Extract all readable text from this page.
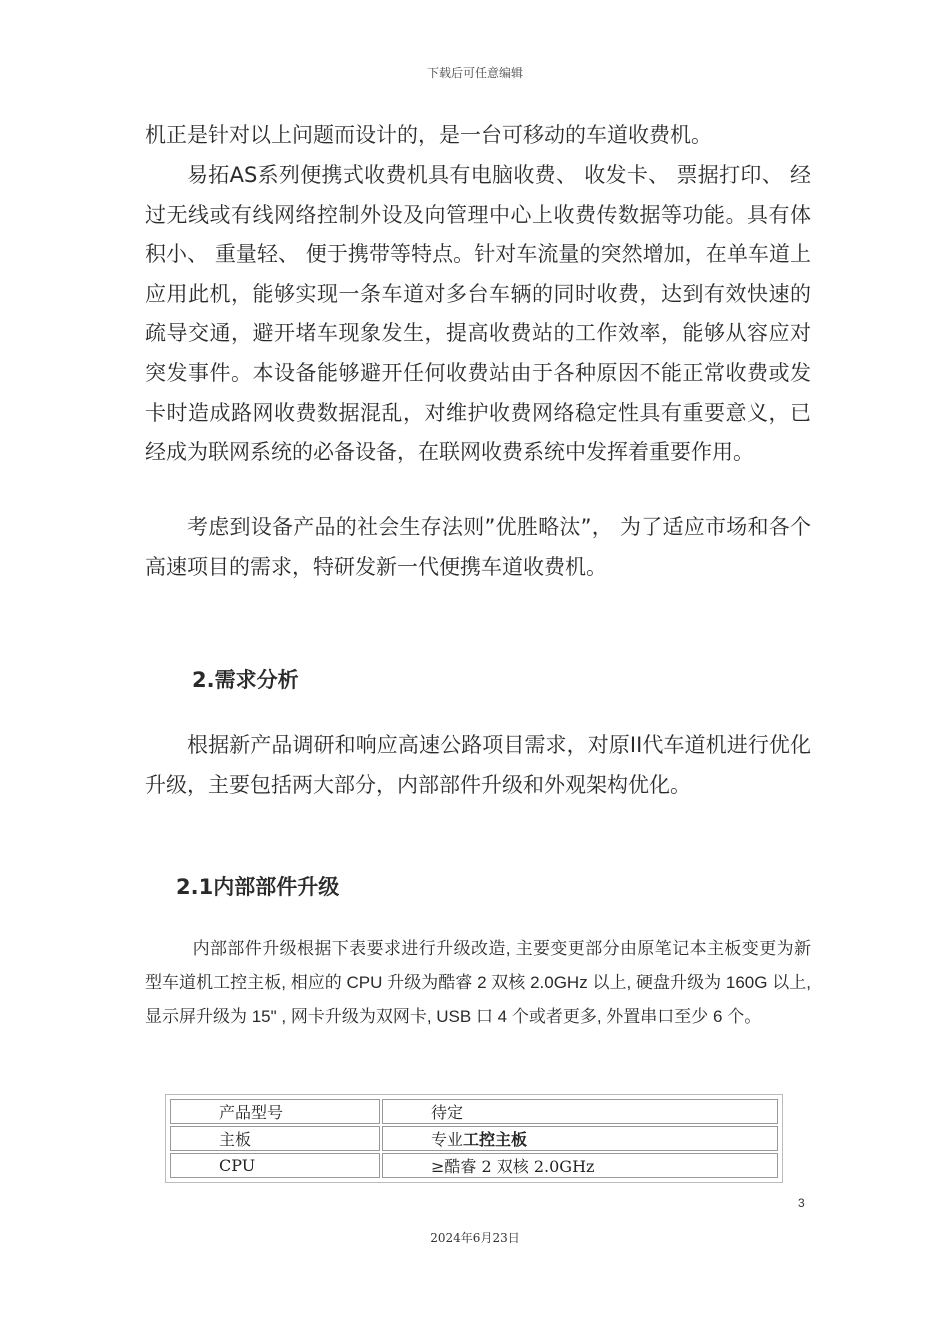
下载后可任意编辑

机正是针对以上问题而设计的，是一台可移动的车道收费机。

易拓AS系列便携式收费机具有电脑收费、 收发卡、 票据打印、 经过无线或有线网络控制外设及向管理中心上收费传数据等功能。具有体积小、 重量轻、 便于携带等特点。针对车流量的突然增加，在单车道上应用此机，能够实现一条车道对多台车辆的同时收费，达到有效快速的疏导交通，避开堵车现象发生，提高收费站的工作效率，能够从容应对突发事件。本设备能够避开任何收费站由于各种原因不能正常收费或发卡时造成路网收费数据混乱，对维护收费网络稳定性具有重要意义，已经成为联网系统的必备设备，在联网收费系统中发挥着重要作用。

考虑到设备产品的社会生存法则”优胜略汰”， 为了适应市场和各个高速项目的需求，特研发新一代便携车道收费机。

2.需求分析

根据新产品调研和响应高速公路项目需求，对原II代车道机进行优化升级，主要包括两大部分，内部部件升级和外观架构优化。

2.1内部部件升级

内部部件升级根据下表要求进行升级改造, 主要变更部分由原笔记本主板变更为新型车道机工控主板, 相应的 CPU 升级为酷睿 2 双核 2.0GHz 以上, 硬盘升级为 160G 以上, 显示屏升级为 15" , 网卡升级为双网卡, USB 口 4 个或者更多, 外置串口至少 6 个。

产品型号	待定
主板	专业工控主板
CPU	≥酷睿 2 双核 2.0GHz
3
2024年6月23日
